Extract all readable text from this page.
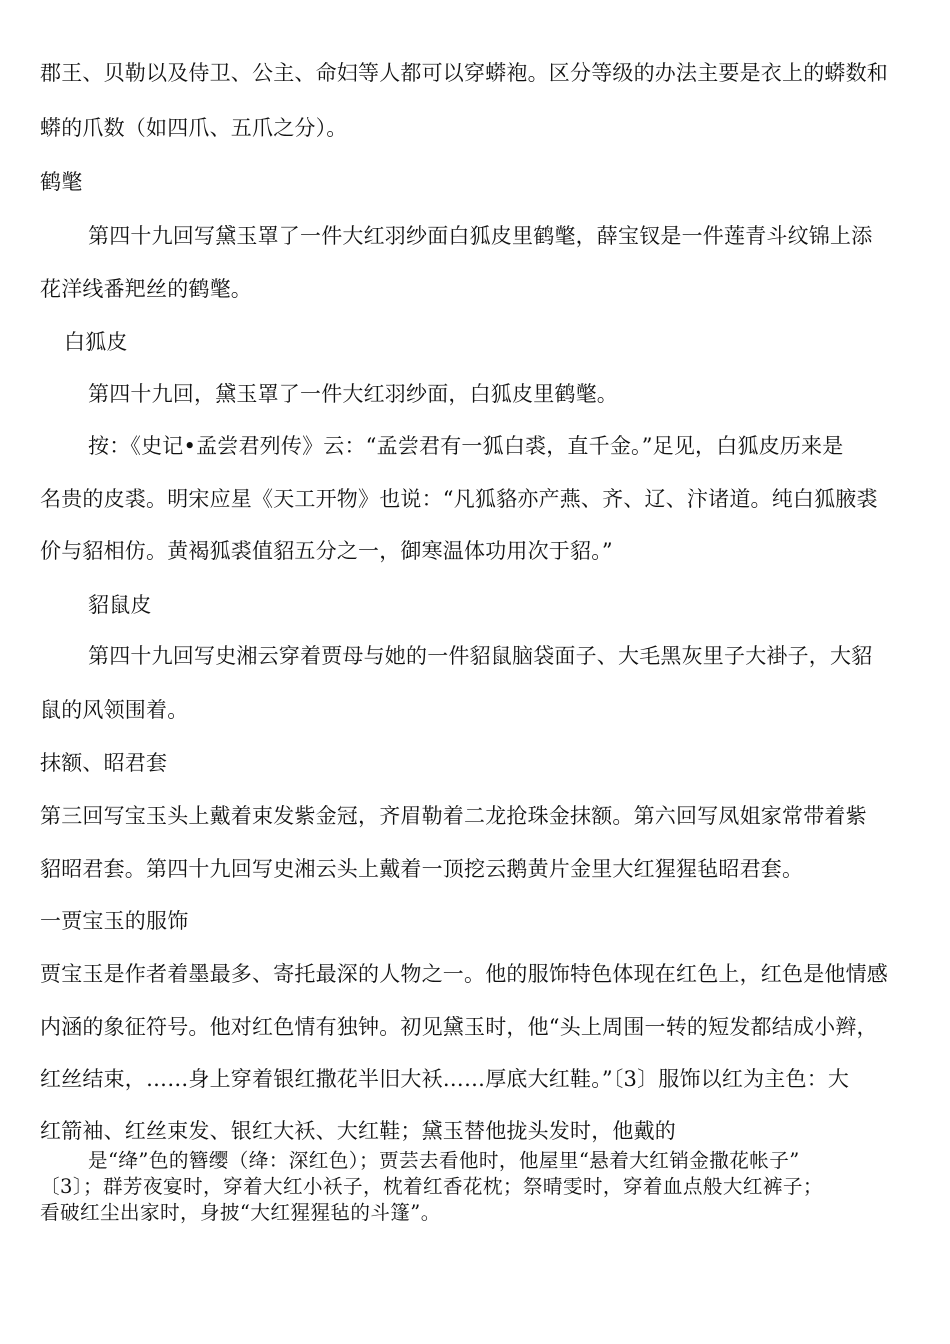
郡王、贝勒以及侍卫、公主、命妇等人都可以穿蟒袍。区分等级的办法主要是衣上的蟒数和
蟒的爪数（如四爪、五爪之分）。
鹤氅
第四十九回写黛玉罩了一件大红羽纱面白狐皮里鹤氅，薛宝钗是一件莲青斗纹锦上添
花洋线番羓丝的鹤氅。
白狐皮
第四十九回，黛玉罩了一件大红羽纱面，白狐皮里鹤氅。
按：《史记•孟尝君列传》云：“孟尝君有一狐白裘，直千金。”足见，白狐皮历来是
名贵的皮裘。明宋应星《天工开物》也说：“凡狐貉亦产燕、齐、辽、汴诸道。纯白狐腋裘
价与貂相仿。黄褐狐裘值貂五分之一，御寒温体功用次于貂。”
貂鼠皮
第四十九回写史湘云穿着贾母与她的一件貂鼠脑袋面子、大毛黑灰里子大褂子，大貂
鼠的风领围着。
抹额、昭君套
第三回写宝玉头上戴着束发紫金冠，齐眉勒着二龙抢珠金抹额。第六回写凤姐家常带着紫
貂昭君套。第四十九回写史湘云头上戴着一顶挖云鹅黄片金里大红猩猩毡昭君套。
一贾宝玉的服饰
贾宝玉是作者着墨最多、寄托最深的人物之一。他的服饰特色体现在红色上，红色是他情感
内涵的象征符号。他对红色情有独钟。初见黛玉时，他“头上周围一转的短发都结成小辫，
红丝结束，……身上穿着银红撒花半旧大袄……厚底大红鞋。”〔3〕服饰以红为主色：大
红箭袖、红丝束发、银红大袄、大红鞋；黛玉替他拢头发时，他戴的
是“绛”色的簪缨（绛：深红色）；贾芸去看他时，他屋里“悬着大红销金撒花帐子”
〔3〕；群芳夜宴时，穿着大红小袄子，枕着红香花枕；祭晴雯时，穿着血点般大红裤子；
看破红尘出家时，身披“大红猩猩毡的斗篷”。
